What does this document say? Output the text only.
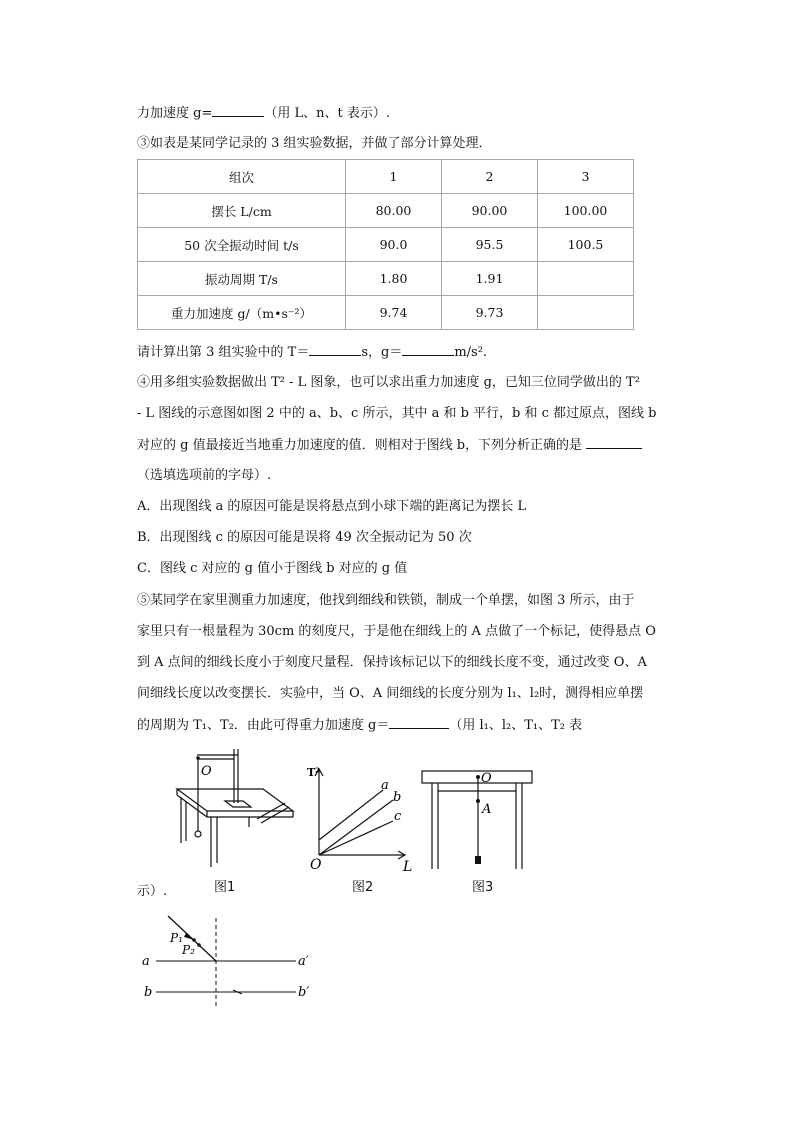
力加速度 g=	（用 L、n、t 表示）.
③如表是某同学记录的 3 组实验数据，并做了部分计算处理．
组次	1	2	3
摆长 L/cm	80.00	90.00	100.00
50 次全振动时间 t/s	90.0	95.5	100.5
振动周期 T/s	1.80	1.91	
重力加速度 g/（m•s⁻²）	9.74	9.73	
请计算出第 3 组实验中的 T＝	s，g＝	m/s².
④用多组实验数据做出 T² - L 图象，也可以求出重力加速度 g，已知三位同学做出的 T²
- L 图线的示意图如图 2 中的 a、b、c 所示，其中 a 和 b 平行，b 和 c 都过原点，图线 b
对应的 g 值最接近当地重力加速度的值．则相对于图线 b，下列分析正确的是
（选填选项前的字母）.
A．出现图线 a 的原因可能是误将悬点到小球下端的距离记为摆长 L
B．出现图线 c 的原因可能是误将 49 次全振动记为 50 次
C．图线 c 对应的 g 值小于图线 b 对应的 g 值
⑤某同学在家里测重力加速度，他找到细线和铁锁，制成一个单摆，如图 3 所示，由于
家里只有一根量程为 30cm 的刻度尺，于是他在细线上的 A 点做了一个标记，使得悬点 O
到 A 点间的细线长度小于刻度尺量程．保持该标记以下的细线长度不变，通过改变 O、A
间细线长度以改变摆长．实验中，当 O、A 间细线的长度分别为 l₁、l₂时，测得相应单摆
的周期为 T₁、T₂．由此可得重力加速度 g＝	（用 l₁、l₂、T₁、T₂ 表
示）.
O
图1
T²
L
O
a
b
c
图2
O
A
图3
P₁
P₂
a	a′
b	b′
